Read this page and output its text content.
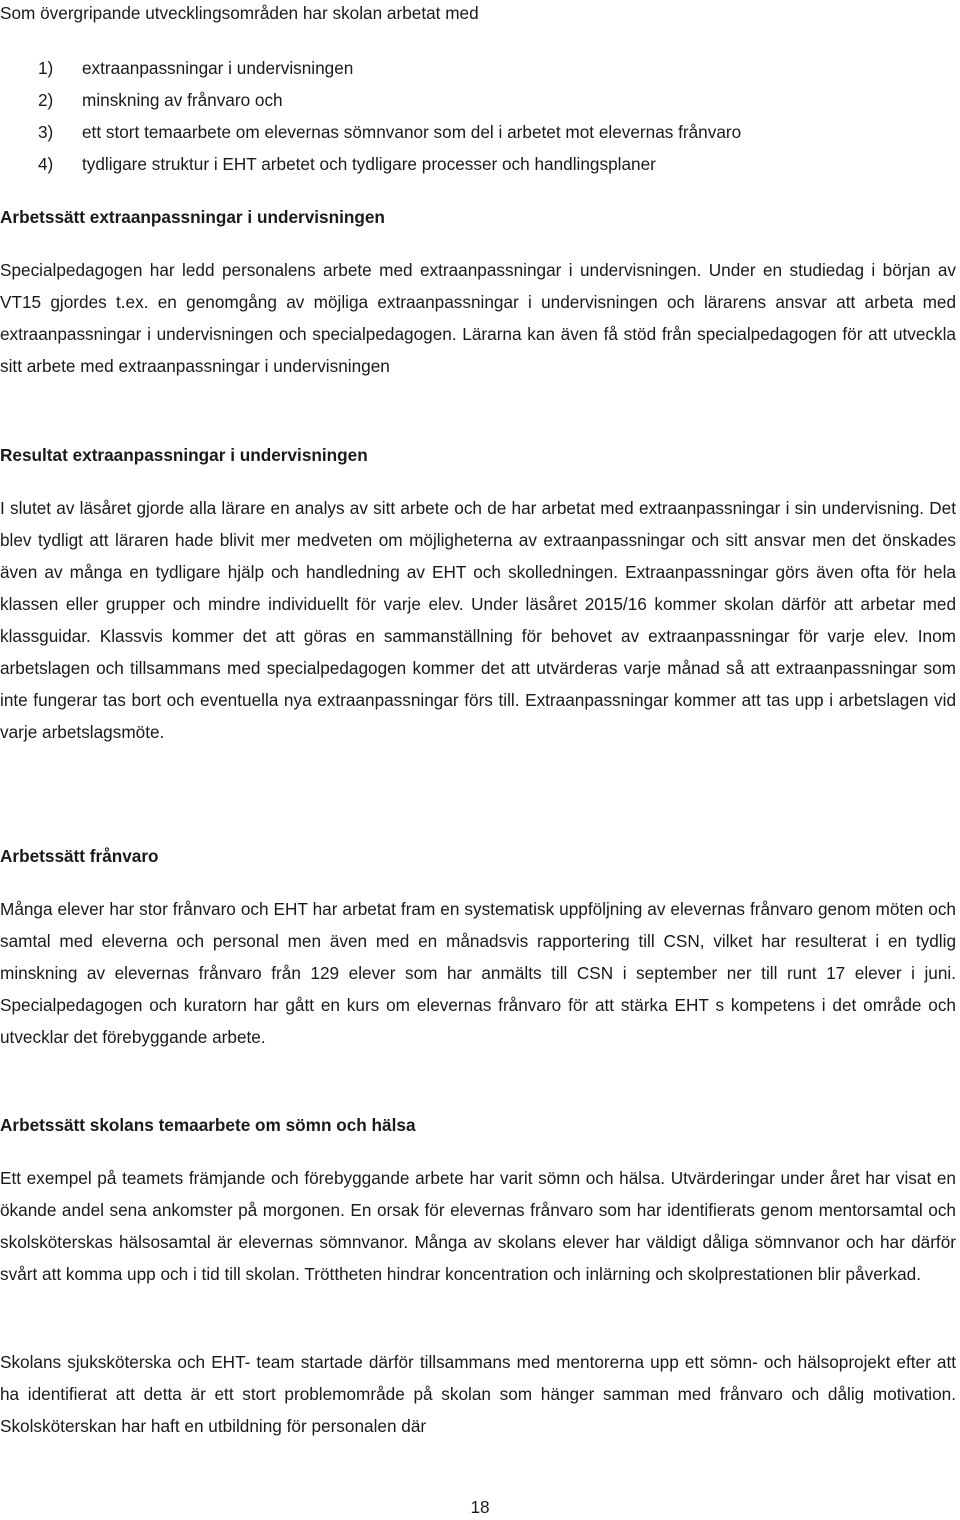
Som övergripande utvecklingsområden har skolan arbetat med

1)	extraanpassningar i undervisningen
2)	minskning av frånvaro och
3)	ett stort temaarbete om elevernas sömnvanor som del i arbetet mot elevernas frånvaro
4)	tydligare struktur i EHT arbetet och tydligare processer och handlingsplaner
Arbetssätt extraanpassningar i undervisningen

Specialpedagogen har ledd personalens arbete med extraanpassningar i undervisningen. Under en studiedag i början av VT15 gjordes t.ex. en genomgång av möjliga extraanpassningar i undervisningen och lärarens ansvar att arbeta med extraanpassningar i undervisningen och specialpedagogen. Lärarna kan även få stöd från specialpedagogen för att utveckla sitt arbete med extraanpassningar i undervisningen

Resultat extraanpassningar i undervisningen

I slutet av läsåret gjorde alla lärare en analys av sitt arbete och de har arbetat med extraanpassningar i sin undervisning. Det blev tydligt att läraren hade blivit mer medveten om möjligheterna av extraanpassningar och sitt ansvar men det önskades även av många en tydligare hjälp och handledning av EHT och skolledningen. Extraanpassningar görs även ofta för hela klassen eller grupper och mindre individuellt för varje elev. Under läsåret 2015/16 kommer skolan därför att arbetar med klassguidar. Klassvis kommer det att göras en sammanställning för behovet av extraanpassningar för varje elev. Inom arbetslagen och tillsammans med specialpedagogen kommer det att utvärderas varje månad så att extraanpassningar som inte fungerar tas bort och eventuella nya extraanpassningar förs till. Extraanpassningar kommer att tas upp i arbetslagen vid varje arbetslagsmöte.

Arbetssätt frånvaro

Många elever har stor frånvaro och EHT har arbetat fram en systematisk uppföljning av elevernas frånvaro genom möten och samtal med eleverna och personal men även med en månadsvis rapportering till CSN, vilket har resulterat i en tydlig minskning av elevernas frånvaro från 129 elever som har anmälts till CSN i september ner till runt 17 elever i juni. Specialpedagogen och kuratorn har gått en kurs om elevernas frånvaro för att stärka EHT s kompetens i det område och utvecklar det förebyggande arbete.

Arbetssätt skolans temaarbete om sömn och hälsa

Ett exempel på teamets främjande och förebyggande arbete har varit sömn och hälsa. Utvärderingar under året har visat en ökande andel sena ankomster på morgonen. En orsak för elevernas frånvaro som har identifierats genom mentorsamtal och skolsköterskas hälsosamtal är elevernas sömnvanor. Många av skolans elever har väldigt dåliga sömnvanor och har därför svårt att komma upp och i tid till skolan. Tröttheten hindrar koncentration och inlärning och skolprestationen blir påverkad.

Skolans sjuksköterska och EHT- team startade därför tillsammans med mentorerna upp ett sömn- och hälsoprojekt efter att ha identifierat att detta är ett stort problemområde på skolan som hänger samman med frånvaro och dålig motivation. Skolsköterskan har haft en utbildning för personalen där

18
